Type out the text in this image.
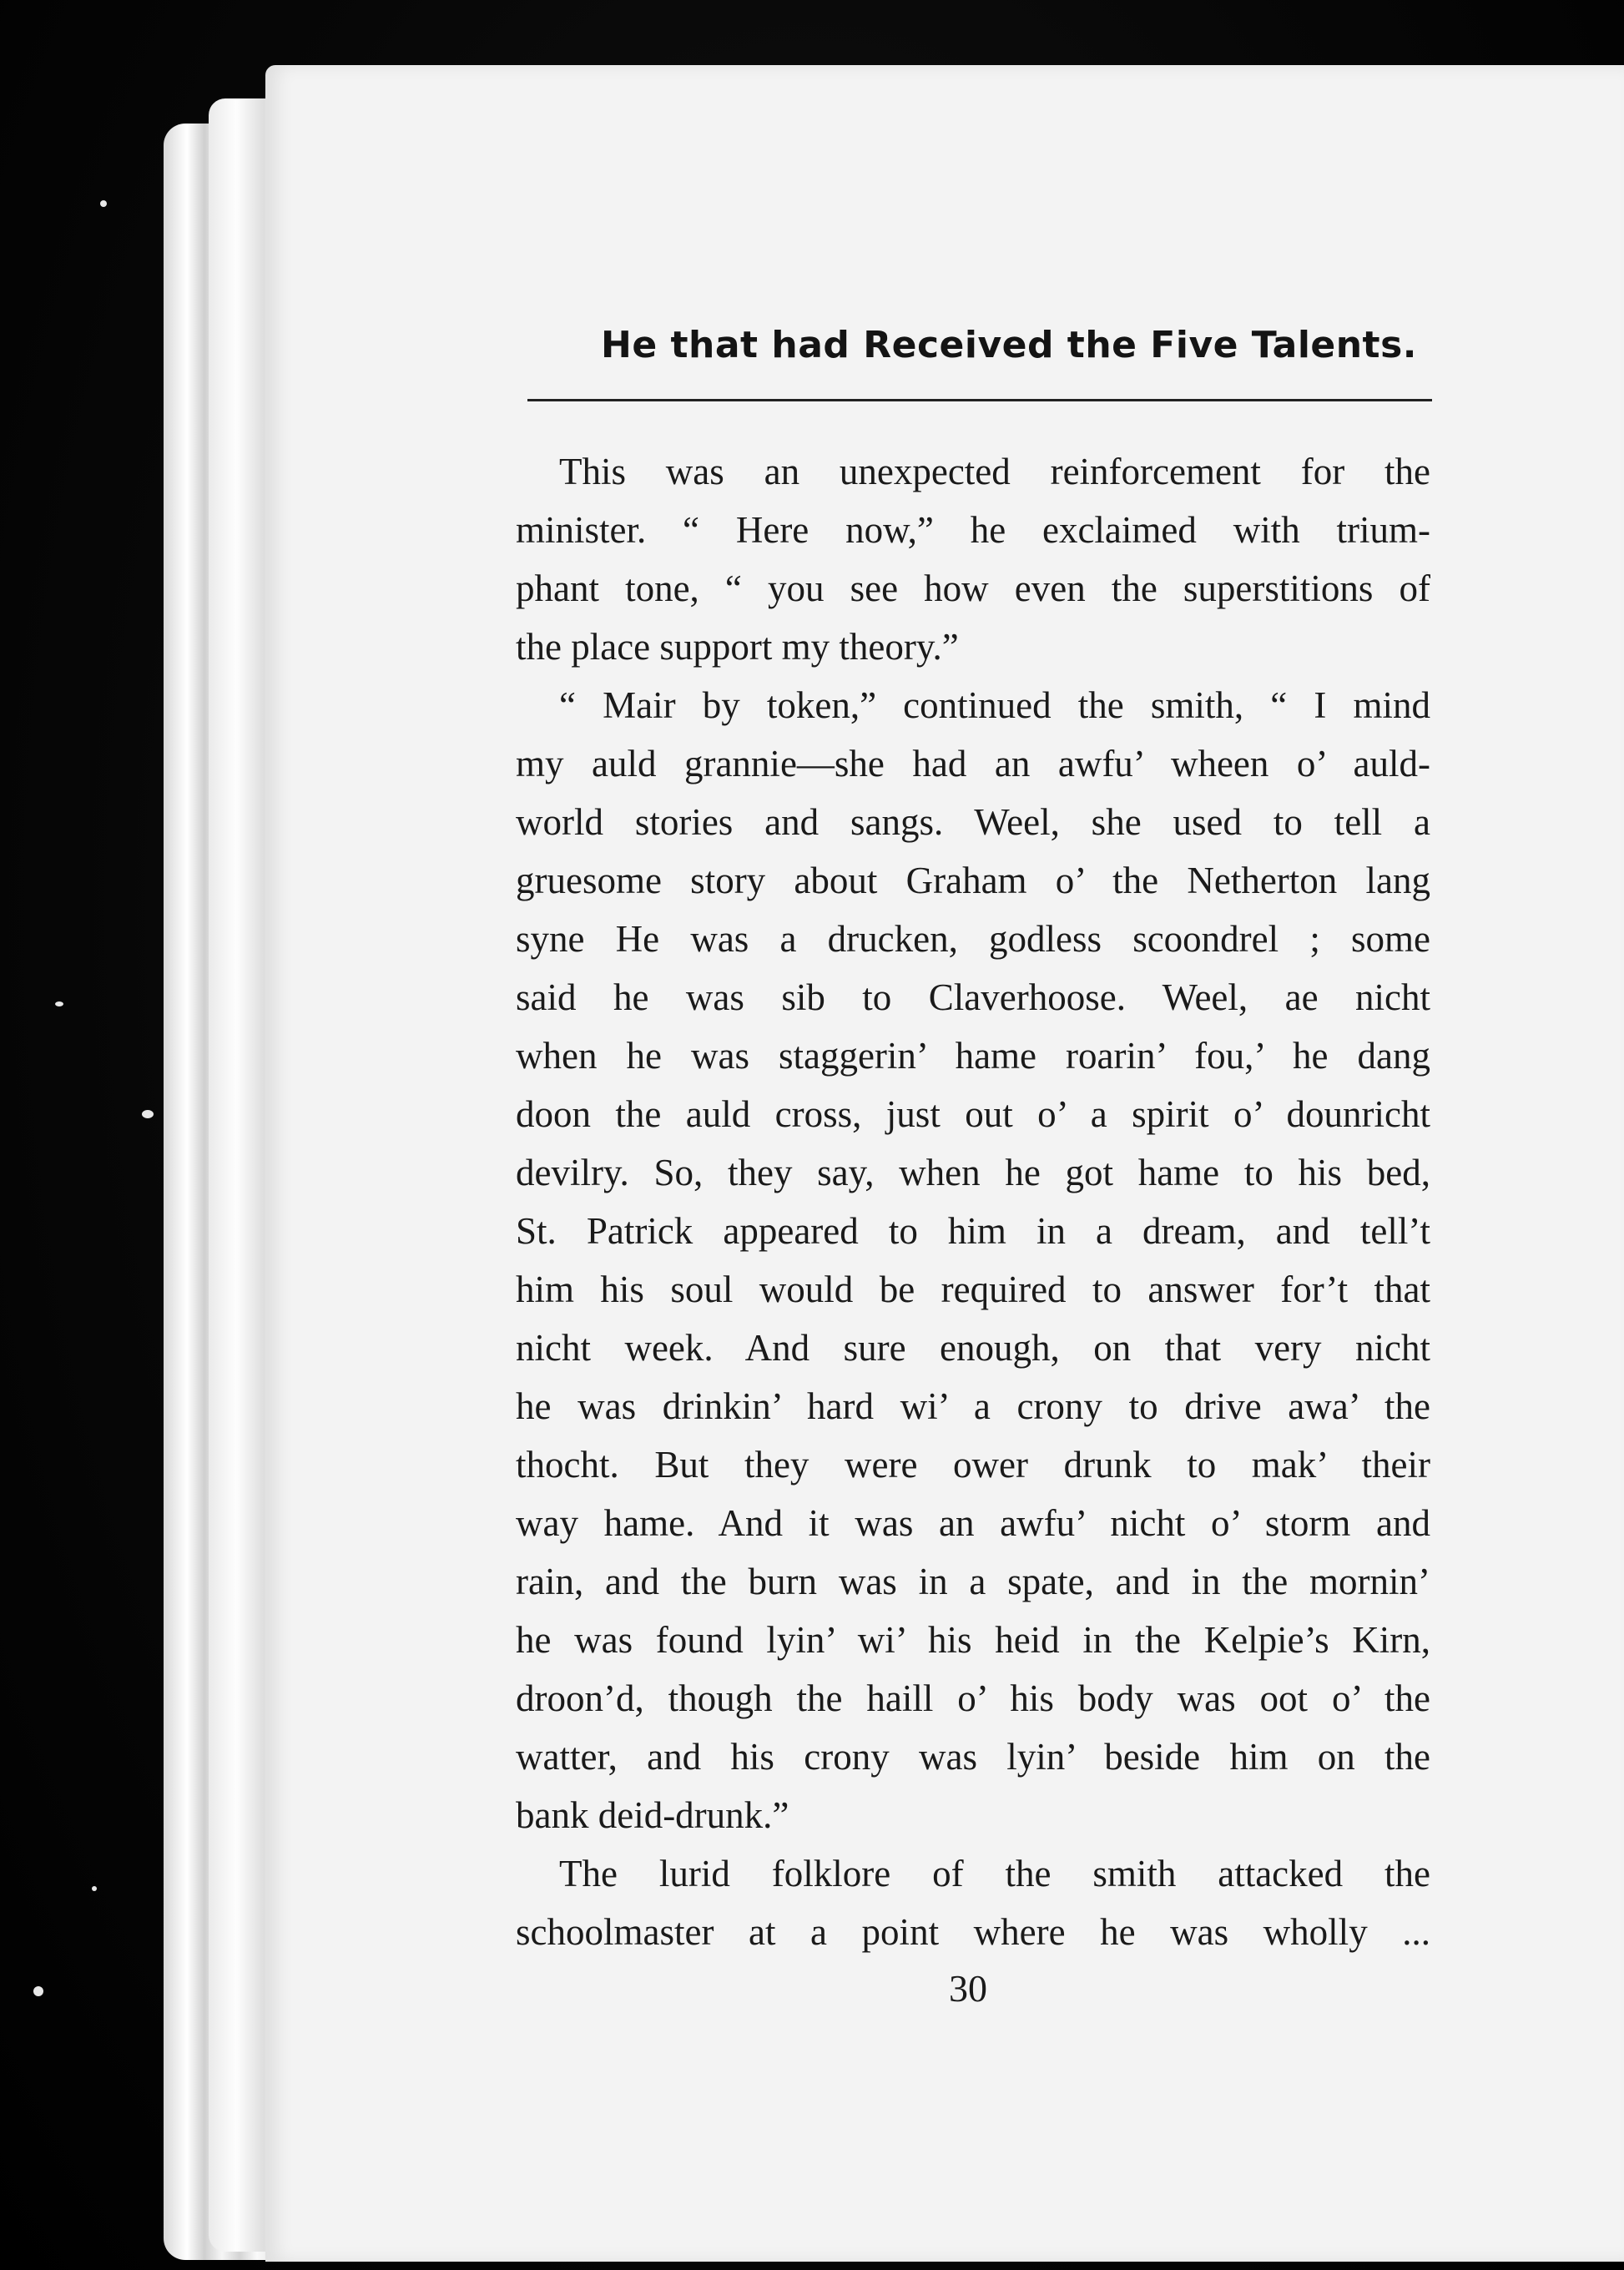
He that had Received the Five Talents.

This was an unexpected reinforcement for the
minister. “ Here now,” he exclaimed with trium-
phant tone, “ you see how even the superstitions of
the place support my theory.”

“ Mair by token,” continued the smith, “ I mind
my auld grannie—she had an awfu’ wheen o’ auld-
world stories and sangs. Weel, she used to tell a
gruesome story about Graham o’ the Netherton lang
syne He was a drucken, godless scoondrel ; some
said he was sib to Claverhoose. Weel, ae nicht
when he was staggerin’ hame roarin’ fou,’ he dang
doon the auld cross, just out o’ a spirit o’ dounricht
devilry. So, they say, when he got hame to his bed,
St. Patrick appeared to him in a dream, and tell’t
him his soul would be required to answer for’t that
nicht week. And sure enough, on that very nicht
he was drinkin’ hard wi’ a crony to drive awa’ the
thocht. But they were ower drunk to mak’ their
way hame. And it was an awfu’ nicht o’ storm and
rain, and the burn was in a spate, and in the mornin’
he was found lyin’ wi’ his heid in the Kelpie’s Kirn,
droon’d, though the haill o’ his body was oot o’ the
watter, and his crony was lyin’ beside him on the
bank deid-drunk.”

The lurid folklore of the smith attacked the
schoolmaster at a point where he was wholly ...

30
